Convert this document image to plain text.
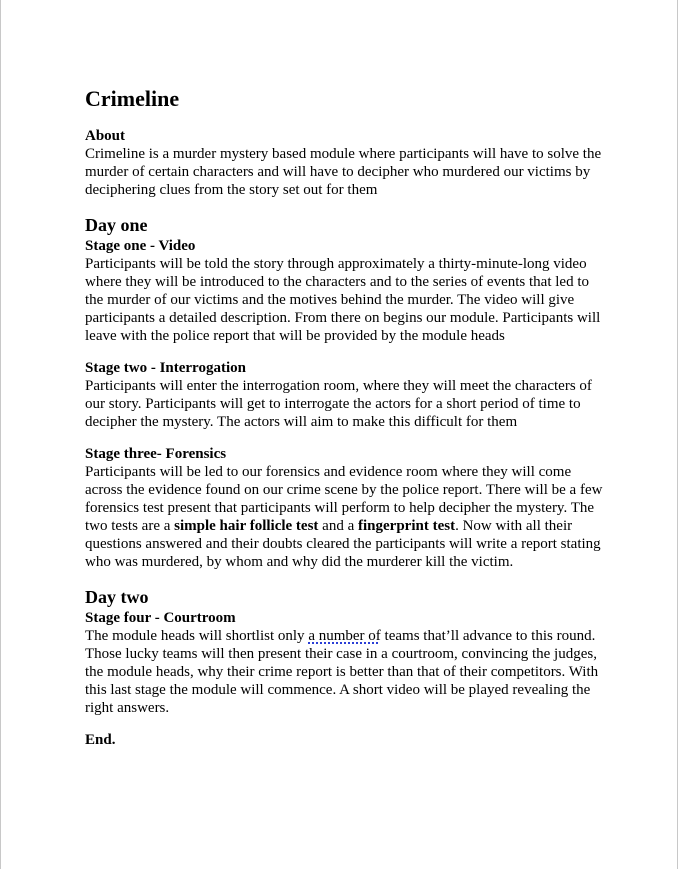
Crimeline
About

Crimeline is a murder mystery based module where participants will have to solve the
murder of certain characters and will have to decipher who murdered our victims by
deciphering clues from the story set out for them

Day one
Stage one - Video

Participants will be told the story through approximately a thirty-minute-long video
where they will be introduced to the characters and to the series of events that led to
the murder of our victims and the motives behind the murder. The video will give
participants a detailed description. From there on begins our module. Participants will
leave with the police report that will be provided by the module heads

Stage two - Interrogation

Participants will enter the interrogation room, where they will meet the characters of
our story. Participants will get to interrogate the actors for a short period of time to
decipher the mystery. The actors will aim to make this difficult for them

Stage three- Forensics

Participants will be led to our forensics and evidence room where they will come
across the evidence found on our crime scene by the police report. There will be a few
forensics test present that participants will perform to help decipher the mystery. The
two tests are a simple hair follicle test and a fingerprint test. Now with all their
questions answered and their doubts cleared the participants will write a report stating
who was murdered, by whom and why did the murderer kill the victim.

Day two
Stage four - Courtroom

The module heads will shortlist only a number of teams that’ll advance to this round.
Those lucky teams will then present their case in a courtroom, convincing the judges,
the module heads, why their crime report is better than that of their competitors. With
this last stage the module will commence. A short video will be played revealing the
right answers.

End.
